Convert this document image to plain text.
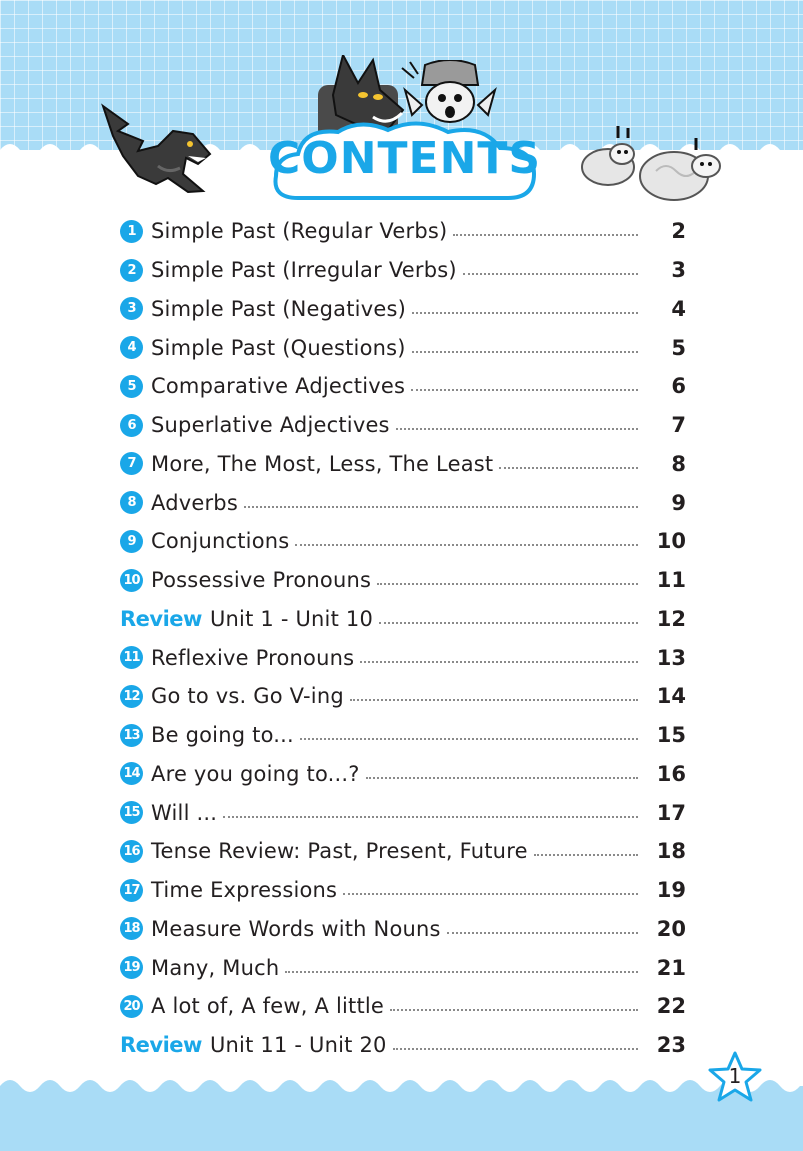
CONTENTS
1 Simple Past (Regular Verbs)	2
2 Simple Past (Irregular Verbs)	3
3 Simple Past (Negatives)	4
4 Simple Past (Questions)	5
5 Comparative Adjectives	6
6 Superlative Adjectives	7
7 More, The Most, Less, The Least	8
8 Adverbs	9
9 Conjunctions	10
10 Possessive Pronouns	11
Review Unit 1 - Unit 10	12
11 Reflexive Pronouns	13
12 Go to vs. Go V-ing	14
13 Be going to...	15
14 Are you going to...?	16
15 Will ...	17
16 Tense Review: Past, Present, Future	18
17 Time Expressions	19
18 Measure Words with Nouns	20
19 Many, Much	21
20 A lot of, A few, A little	22
Review Unit 11 - Unit 20	23
1
